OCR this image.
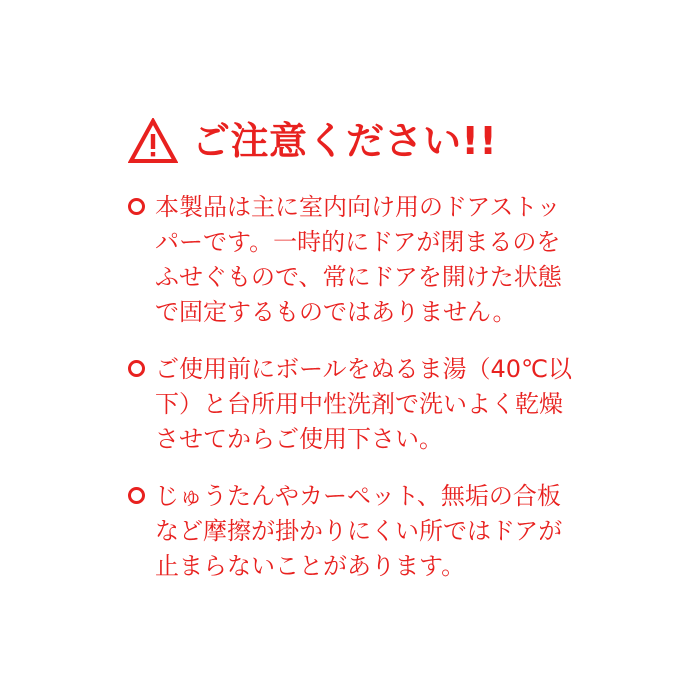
ご注意ください!!
本製品は主に室内向け用のドアストッパーです。一時的にドアが閉まるのをふせぐもので、常にドアを開けた状態で固定するものではありません。
ご使用前にボールをぬるま湯（40℃以下）と台所用中性洗剤で洗いよく乾燥させてからご使用下さい。
じゅうたんやカーペット、無垢の合板など摩擦が掛かりにくい所ではドアが止まらないことがあります。
